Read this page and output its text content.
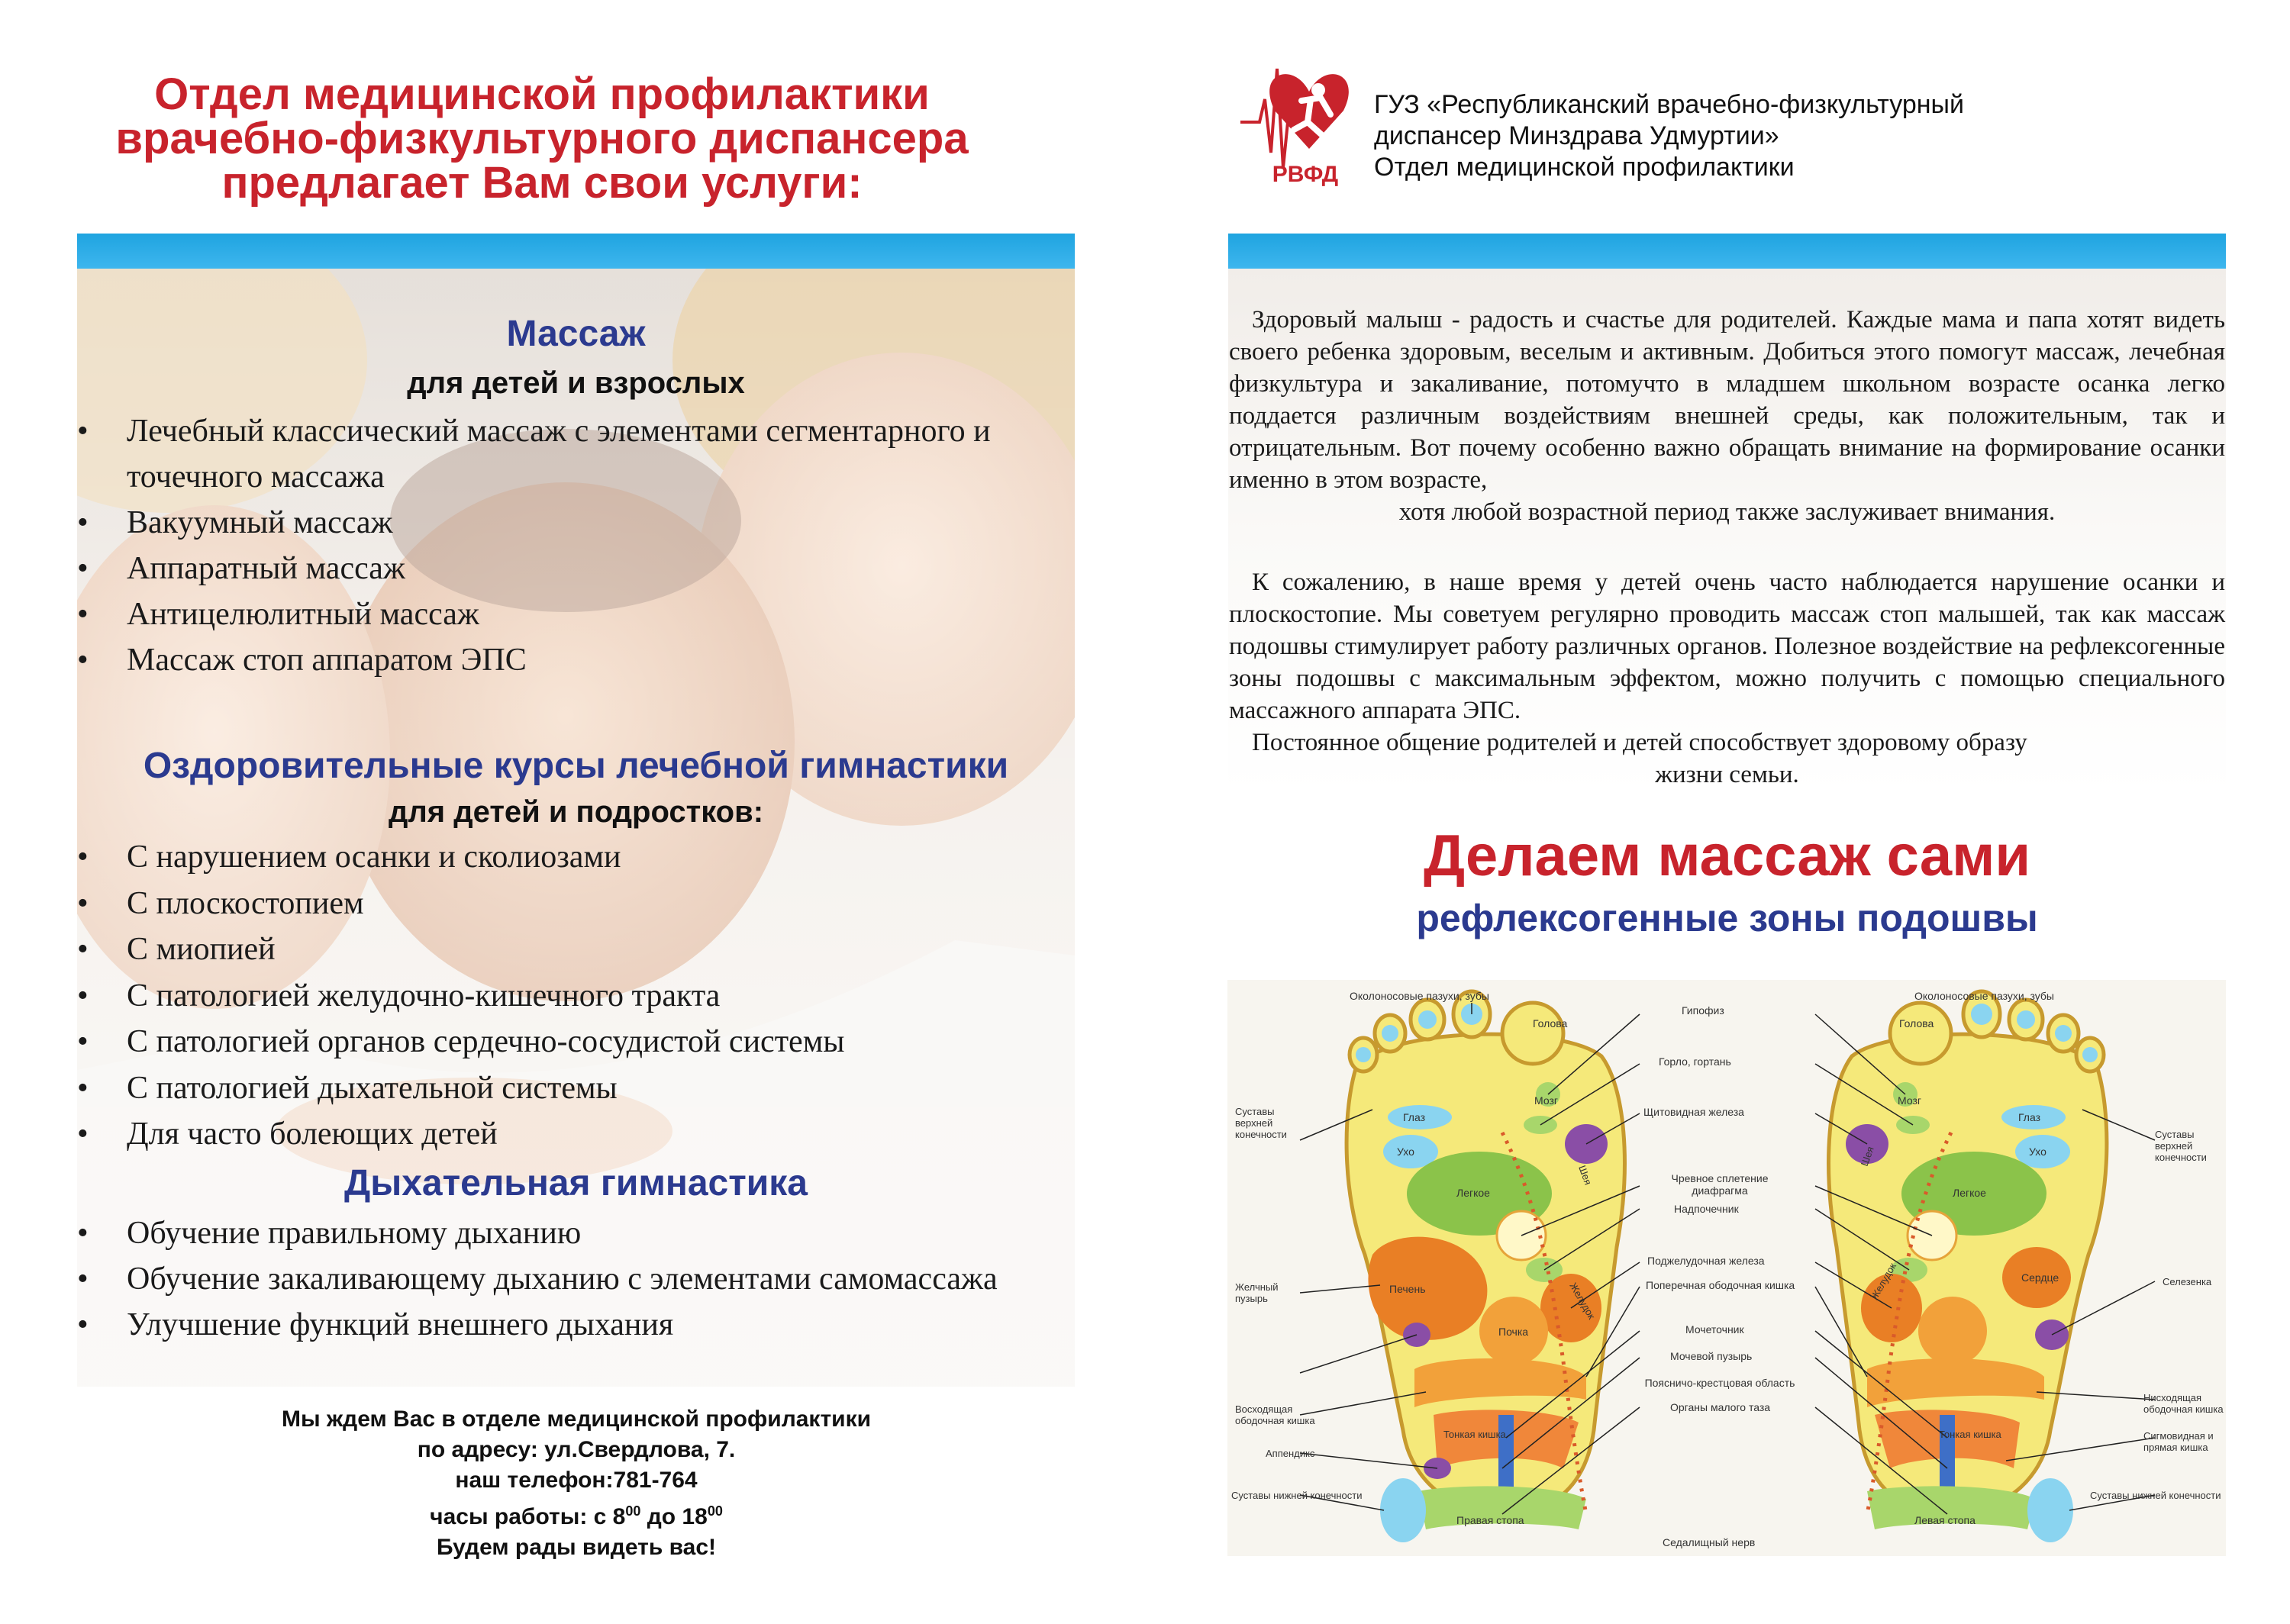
Отдел медицинской профилактики
врачебно-физкультурного диспансера
предлагает Вам свои услуги:
Массаж
для детей и взрослых
• Лечебный классический массаж с элементами сегментарного и точечного массажа
• Вакуумный массаж
• Аппаратный массаж
• Антицелюлитный массаж
• Массаж стоп аппаратом ЭПС
Оздоровительные курсы лечебной гимнастики
для детей и подростков:
• С нарушением осанки и сколиозами
• С плоскостопием
• С миопией
• С патологией желудочно-кишечного тракта
• С патологией органов сердечно-сосудистой системы
• С патологией дыхательной системы
• Для часто болеющих детей
Дыхательная гимнастика
• Обучение правильному дыханию
• Обучение закаливающему дыханию с элементами самомассажа
• Улучшение функций внешнего дыхания
Мы ждем Вас в отделе медицинской профилактики
по адресу: ул.Свердлова, 7.
наш телефон:781-764
часы работы: с $8^{00}$ до $18^{00}$
Будем рады видеть вас!
РВФД
ГУЗ «Республиканский врачебно-физкультурный
диспансер Минздрава Удмуртии»
Отдел медицинской профилактики
Здоровый малыш - радость и счастье для родителей. Каждые мама и папа хотят видеть своего ребенка здоровым, веселым и активным. Добиться этого помогут массаж, лечебная физкультура и закаливание, потомучто в младшем школьном возрасте осанка легко поддается различным воздействиям внешней среды, как положительным, так и отрицательным. Вот почему особенно важно обращать внимание на формирование осанки именно в этом возрасте,
хотя любой возрастной период также заслуживает внимания.
К сожалению, в наше время у детей очень часто наблюдается нарушение осанки и плоскостопие. Мы советуем регулярно проводить массаж стоп малышей, так как массаж подошвы стимулирует работу различных органов. Полезное воздействие на рефлексогенные зоны подошвы с максимальным эффектом, можно получить с помощью специального массажного аппарата ЭПС.
Постоянное общение родителей и детей способствует здоровому образу
жизни семьи.
Делаем массаж сами
рефлексогенные зоны подошвы
Околоносовые пазухи, зубы
Голова
Мозг
Глаз
Ухо
Легкое
Печень
Почка
Тонкая кишка
Правая стопа
Шея
Желудок
Околоносовые пазухи, зубы
Голова
Мозг
Глаз
Ухо
Легкое
Сердце
Тонкая кишка
Левая стопа
Шея
Желудок
Гипофиз
Горло, гортань
Щитовидная железа
Чревное сплетение диафрагма
Надпочечник
Поджелудочная железа
Поперечная ободочная кишка
Мочеточник
Мочевой пузырь
Поясничо-крестцовая область
Органы малого таза
Седалищный нерв
Суставы верхней конечности
Желчный пузырь
Восходящая ободочная кишка
Аппендикс
Суставы нижней конечности
Суставы верхней конечности
Селезенка
Нисходящая ободочная кишка
Сигмовидная и прямая кишка
Суставы нижней конечности
